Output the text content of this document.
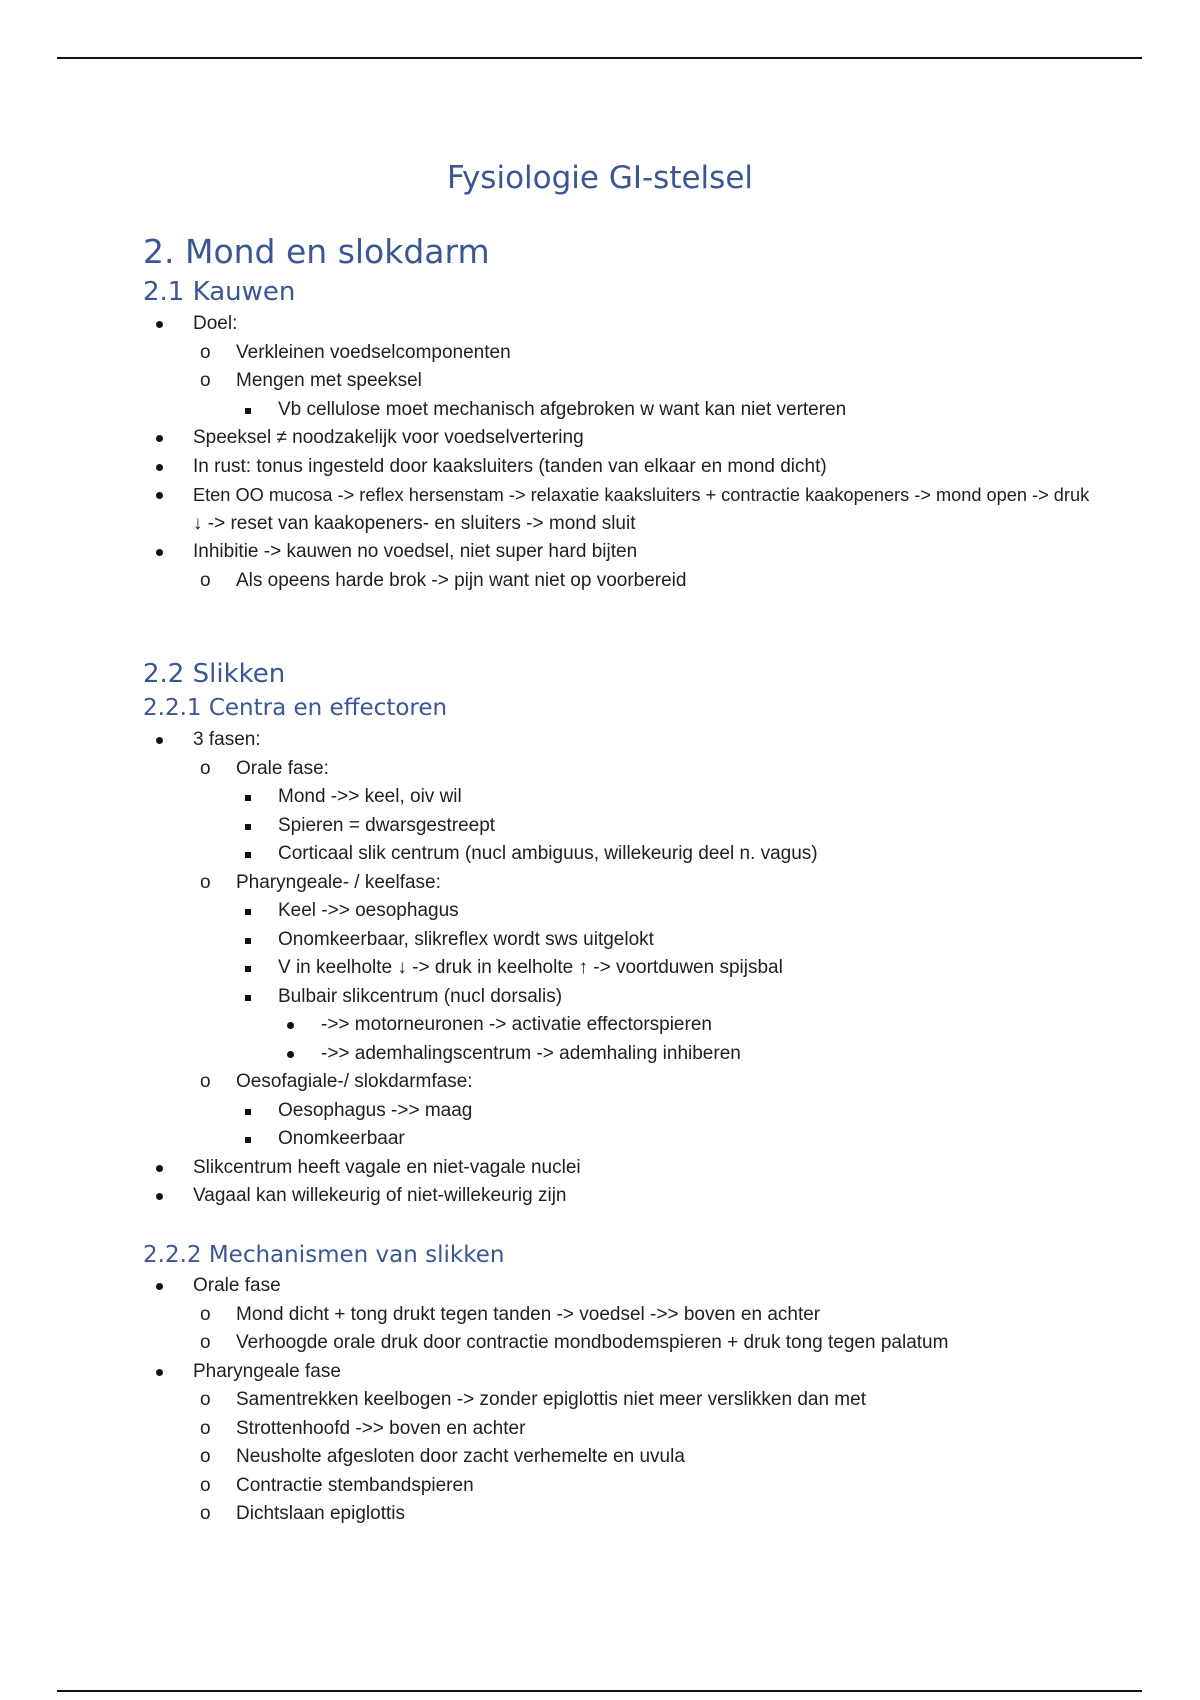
Fysiologie GI-stelsel
2. Mond en slokdarm
2.1 Kauwen
Doel:
o Verkleinen voedselcomponenten
o Mengen met speeksel
Vb cellulose moet mechanisch afgebroken w want kan niet verteren
Speeksel ≠ noodzakelijk voor voedselvertering
In rust: tonus ingesteld door kaaksluiters (tanden van elkaar en mond dicht)
Eten OO mucosa -> reflex hersenstam -> relaxatie kaaksluiters + contractie kaakopeners -> mond open -> druk
↓ -> reset van kaakopeners- en sluiters -> mond sluit
Inhibitie -> kauwen no voedsel, niet super hard bijten
o Als opeens harde brok -> pijn want niet op voorbereid
2.2 Slikken
2.2.1 Centra en effectoren
3 fasen:
o Orale fase:
Mond ->> keel, oiv wil
Spieren = dwarsgestreept
Corticaal slik centrum (nucl ambiguus, willekeurig deel n. vagus)
o Pharyngeale- / keelfase:
Keel ->> oesophagus
Onomkeerbaar, slikreflex wordt sws uitgelokt
V in keelholte ↓ -> druk in keelholte ↑ -> voortduwen spijsbal
Bulbair slikcentrum (nucl dorsalis)
->> motorneuronen -> activatie effectorspieren
->> ademhalingscentrum -> ademhaling inhiberen
o Oesofagiale-/ slokdarmfase:
Oesophagus ->> maag
Onomkeerbaar
Slikcentrum heeft vagale en niet-vagale nuclei
Vagaal kan willekeurig of niet-willekeurig zijn
2.2.2 Mechanismen van slikken
Orale fase
o Mond dicht + tong drukt tegen tanden -> voedsel ->> boven en achter
o Verhoogde orale druk door contractie mondbodemspieren + druk tong tegen palatum
Pharyngeale fase
o Samentrekken keelbogen -> zonder epiglottis niet meer verslikken dan met
o Strottenhoofd ->> boven en achter
o Neusholte afgesloten door zacht verhemelte en uvula
o Contractie stembandspieren
o Dichtslaan epiglottis
